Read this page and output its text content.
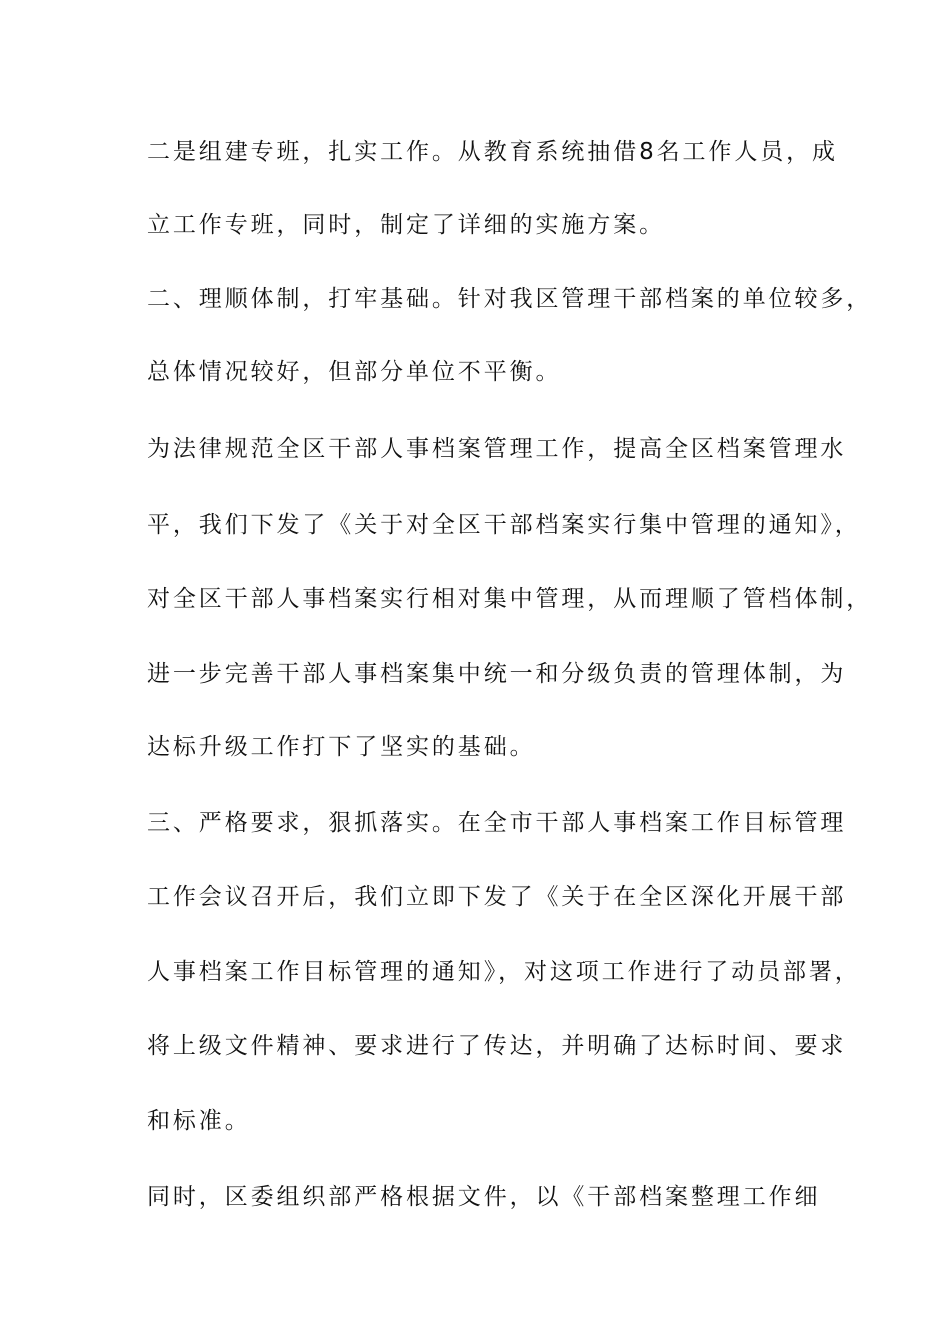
二是组建专班，扎实工作。从教育系统抽借8名工作人员，成
立工作专班，同时，制定了详细的实施方案。
二、理顺体制，打牢基础。针对我区管理干部档案的单位较多，
总体情况较好，但部分单位不平衡。
为法律规范全区干部人事档案管理工作，提高全区档案管理水
平，我们下发了《关于对全区干部档案实行集中管理的通知》，
对全区干部人事档案实行相对集中管理，从而理顺了管档体制，
进一步完善干部人事档案集中统一和分级负责的管理体制，为
达标升级工作打下了坚实的基础。
三、严格要求，狠抓落实。在全市干部人事档案工作目标管理
工作会议召开后，我们立即下发了《关于在全区深化开展干部
人事档案工作目标管理的通知》，对这项工作进行了动员部署，
将上级文件精神、要求进行了传达，并明确了达标时间、要求
和标准。
同时，区委组织部严格根据文件，以《干部档案整理工作细
